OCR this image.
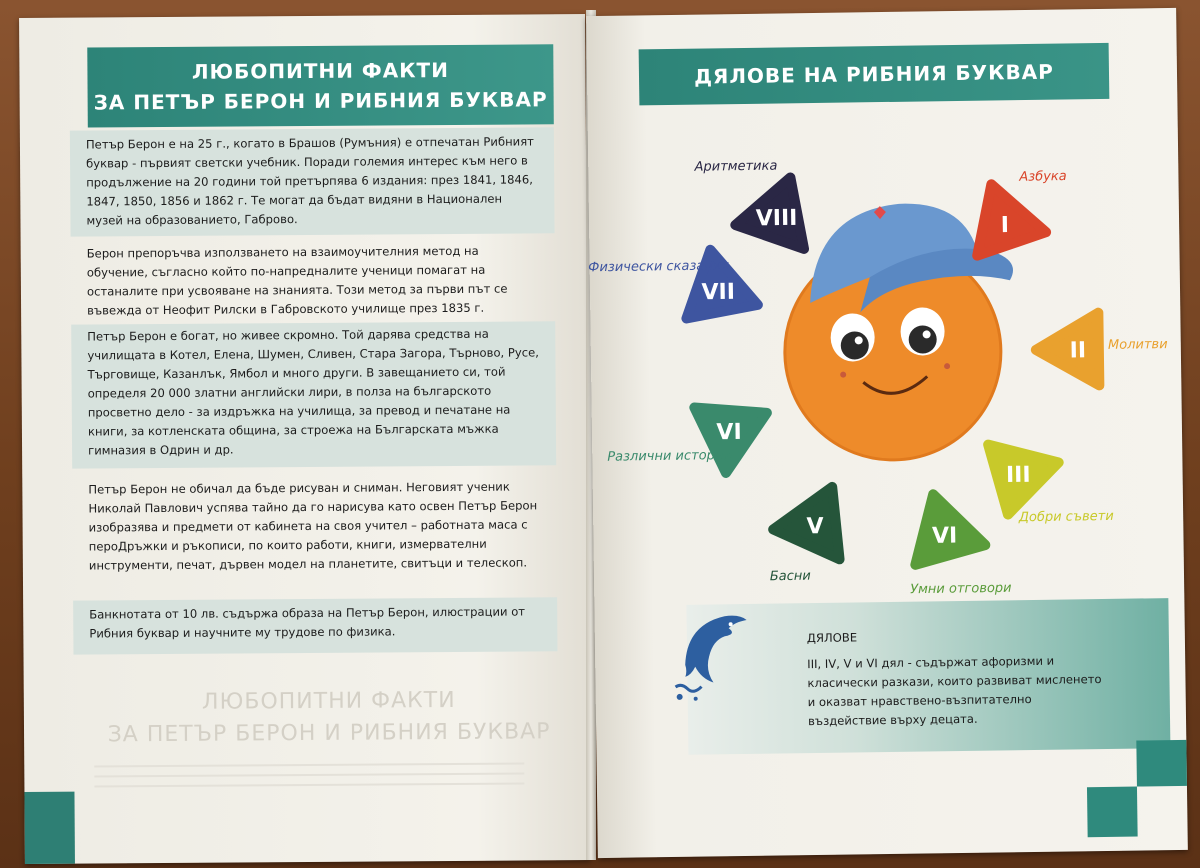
ЛЮБОПИТНИ ФАКТИ
ЗА ПЕТЪР БЕРОН И РИБНИЯ БУКВАР
Петър Берон е на 25 г., когато в Брашов (Румъния) е отпечатан Рибният буквар - първият светски учебник. Поради големия интерес към него в продължение на 20 години той претърпява 6 издания: през 1841, 1846, 1847, 1850, 1856 и 1862 г. Те могат да бъдат видяни в Национален музей на образованието, Габрово.
Берон препоръчва използването на взаимоучителния метод на обучение, съгласно който по-напредналите ученици помагат на останалите при усвояване на знанията. Този метод за първи път се въвежда от Неофит Рилски в Габровското училище през 1835 г.
Петър Берон е богат, но живее скромно. Той дарява средства на училищата в Котел, Елена, Шумен, Сливен, Стара Загора, Търново, Русе, Търговище, Казанлък, Ямбол и много други. В завещанието си, той определя 20 000 златни английски лири, в полза на българското просветно дело - за издръжка на училища, за превод и печатане на книги, за котленската община, за строежа на Българската мъжка гимназия в Одрин и др.
Петър Берон не обичал да бъде рисуван и сниман. Неговият ученик Николай Павлович успява тайно да го нарисува като освен Петър Берон изобразява и предмети от кабинета на своя учител – работната маса с пероДръжки и ръкописи, по които работи, книги, измервателни инструменти, печат, дървен модел на планетите, свитъци и телескоп.
Банкнотата от 10 лв. съдържа образа на Петър Берон, илюстрации от Рибния буквар и научните му трудове по физика.
ЛЮБОПИТНИ ФАКТИ
ЗА ПЕТЪР БЕРОН И РИБНИЯ БУКВАР
ДЯЛОВЕ НА РИБНИЯ БУКВАР
I
Азбука
II Молитви
III
Добри съвети
VI
Умни отговори
V
Басни
VI
Различни истории
VII
Физически сказания
VIII
Аритметика
ДЯЛОВЕ
III, IV, V и VI дял - съдържат афоризми и класически разкази, които развиват мисленето и оказват нравствено-възпитателно въздействие върху децата.
